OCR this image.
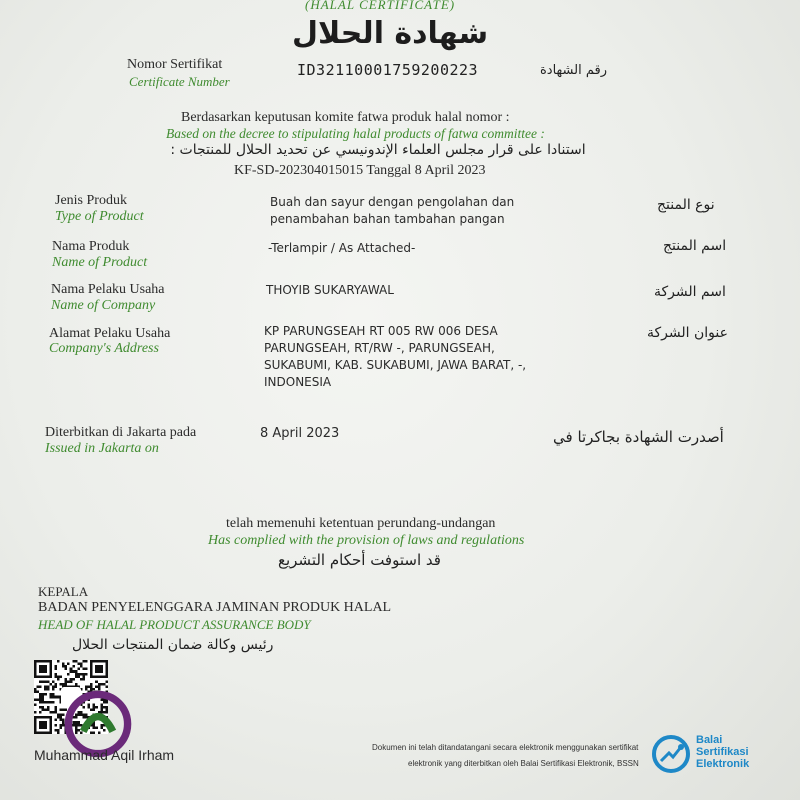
(HALAL CERTIFICATE)
شهادة الحلال
Nomor Sertifikat
Certificate Number
ID32110001759200223	رقم الشهادة
Berdasarkan keputusan komite fatwa produk halal nomor :
Based on the decree to stipulating halal products of fatwa committee :
استنادا على قرار مجلس العلماء الإندونيسي عن تحديد الحلال للمنتجات :
KF-SD-202304015015 Tanggal 8 April 2023
Jenis Produk
Type of Product
Buah dan sayur dengan pengolahan dan penambahan bahan tambahan pangan
نوع المنتج
Nama Produk
Name of Product
-Terlampir / As Attached-	اسم المنتج
Nama Pelaku Usaha
Name of Company
THOYIB SUKARYAWAL	اسم الشركة
Alamat Pelaku Usaha
Company's Address
KP PARUNGSEAH RT 005 RW 006 DESA PARUNGSEAH, RT/RW -, PARUNGSEAH, SUKABUMI, KAB. SUKABUMI, JAWA BARAT, -, INDONESIA
عنوان الشركة
Diterbitkan di Jakarta pada
Issued in Jakarta on
8 April 2023	أصدرت الشهادة بجاكرتا في
telah memenuhi ketentuan perundang-undangan
Has complied with the provision of laws and regulations
قد استوفت أحكام التشريع
KEPALA
BADAN PENYELENGGARA JAMINAN PRODUK HALAL
HEAD OF HALAL PRODUCT ASSURANCE BODY
رئيس وكالة ضمان المنتجات الحلال
Muhammad Aqil Irham	Dokumen ini telah ditandatangani secara elektronik menggunakan sertifikat
elektronik yang diterbitkan oleh Balai Sertifikasi Elektronik, BSSN
Balai
Sertifikasi
Elektronik
